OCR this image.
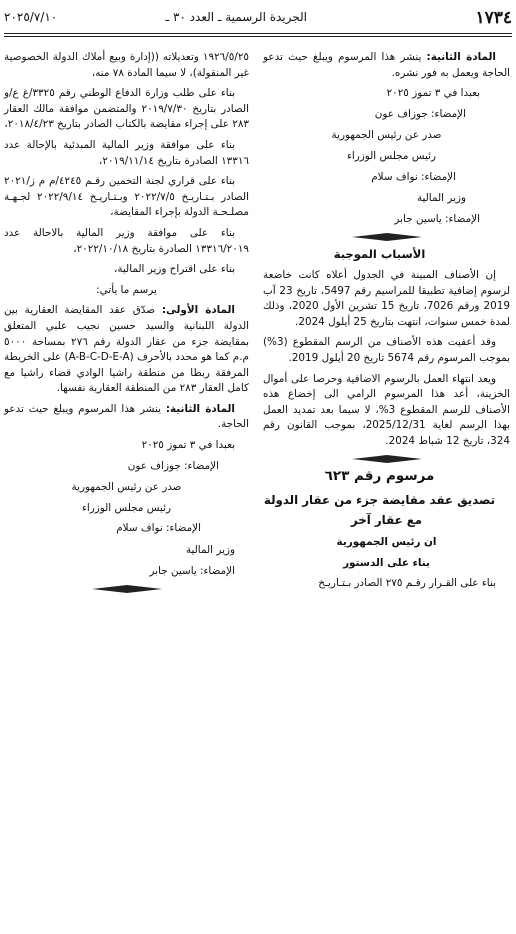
١٧٣٤
الجريدة الرسمية ـ العدد ٣٠ ـ
٢٠٢٥/٧/١٠

المادة الثانية: ينشر هذا المرسوم ويبلغ حيث تدعو الحاجة ويعمل به فور نشره.

بعبدا في ٣ تموز ٢٠٢٥

الإمضاء: جوزاف عون

صدر عن رئيس الجمهورية

رئيس مجلس الوزراء

الإمضاء: نواف سلام

وزير المالية

الإمضاء: ياسين جابر

الأسباب الموجبة

إن الأصناف المبينة في الجدول أعلاه كانت خاضعة لرسوم إضافية تطبيقا للمراسيم رقم 5497، تاريخ 23 آب 2019 ورقم 7026، تاريخ 15 تشرين الأول 2020، وذلك لمدة خمس سنوات، انتهت بتاريخ 25 أيلول 2024.

وقد أعفيت هذه الأصناف من الرسم المقطوع (3%) بموجب المرسوم رقم 5674 تاريخ 20 أيلول 2019.

ويعد انتهاء العمل بالرسوم الاضافية وحرصا على أموال الخزينة، أعد هذا المرسوم الرامي الى إخضاع هذه الأصناف للرسم المقطوع 3%، لا سيما بعد تمديد العمل بهذا الرسم لغاية 2025/12/31، بموجب القانون رقم 324، تاريخ 12 شباط 2024.

مرسوم رقم ٦٢٣

تصديق عقد مقايضة جزء من عقار الدولة مع عقار آخر

ان رئيس الجمهورية

بناء على الدستور

بناء على القـرار رقـم ٢٧٥ الصادر بـتـاريـخ

١٩٢٦/٥/٢٥ وتعديلاته ((إدارة وبيع أملاك الدولة الخصوصية غير المنقولة)، لا سيما المادة ٧٨ منه،

بناء على طلب وزارة الدفاع الوطني رقم ٣٣٢٥/غ ع/و الصادر بتاريخ ٢٠١٩/٧/٣٠ والمتضمن موافقة مالك العقار ٢٨٣ على إجراء مقايضة بالكتاب الصادر بتاريخ ٢٠١٨/٤/٢٣،

بناء على موافقة وزير المالية المبدئية بالإحالة عدد ١٣٣١٦ الصادرة بتاريخ ٢٠١٩/١١/١٤،

بناء على قراري لجنة التخمين رقـم ٤٢٤٥/م م ز/٢٠٢١ الصادر بـتـاريـخ ٢٠٢٢/٧/٥ وبـتـاريـخ ٢٠٢٢/٩/١٤ لجـهـة مصلـحـة الدولة بإجراء المقايضة،

بناء على موافقة وزير المالية بالاحالة عدد ١٣٣١٦/٢٠١٩ الصادرة بتاريخ ٢٠٢٢/١٠/١٨،

بناء على اقتراح وزير المالية،

يرسم ما يأتي:

المادة الأولى: صدّق عقد المقايضة العقارية بين الدولة اللبنانية والسيد حسين نجيب علبي المتعلق بمقايضة جزء من عقار الدولة رقم ٢٧٦ بمساحة ٥٠٠٠ م.م كما هو محدد بالأحرف (A-B-C-D-E-A) على الخريطة المرفقة ربطا من منطقة راشيا الوادي قضاء راشيا مع كامل العقار ٢٨٣ من المنطقة العقارية نفسها.

المادة الثانية: ينشر هذا المرسوم ويبلغ حيث تدعو الحاجة.

بعبدا في ٣ تموز ٢٠٢٥

الإمضاء: جوزاف عون

صدر عن رئيس الجمهورية

رئيس مجلس الوزراء

الإمضاء: نواف سلام

وزير المالية

الإمضاء: ياسين جابر
